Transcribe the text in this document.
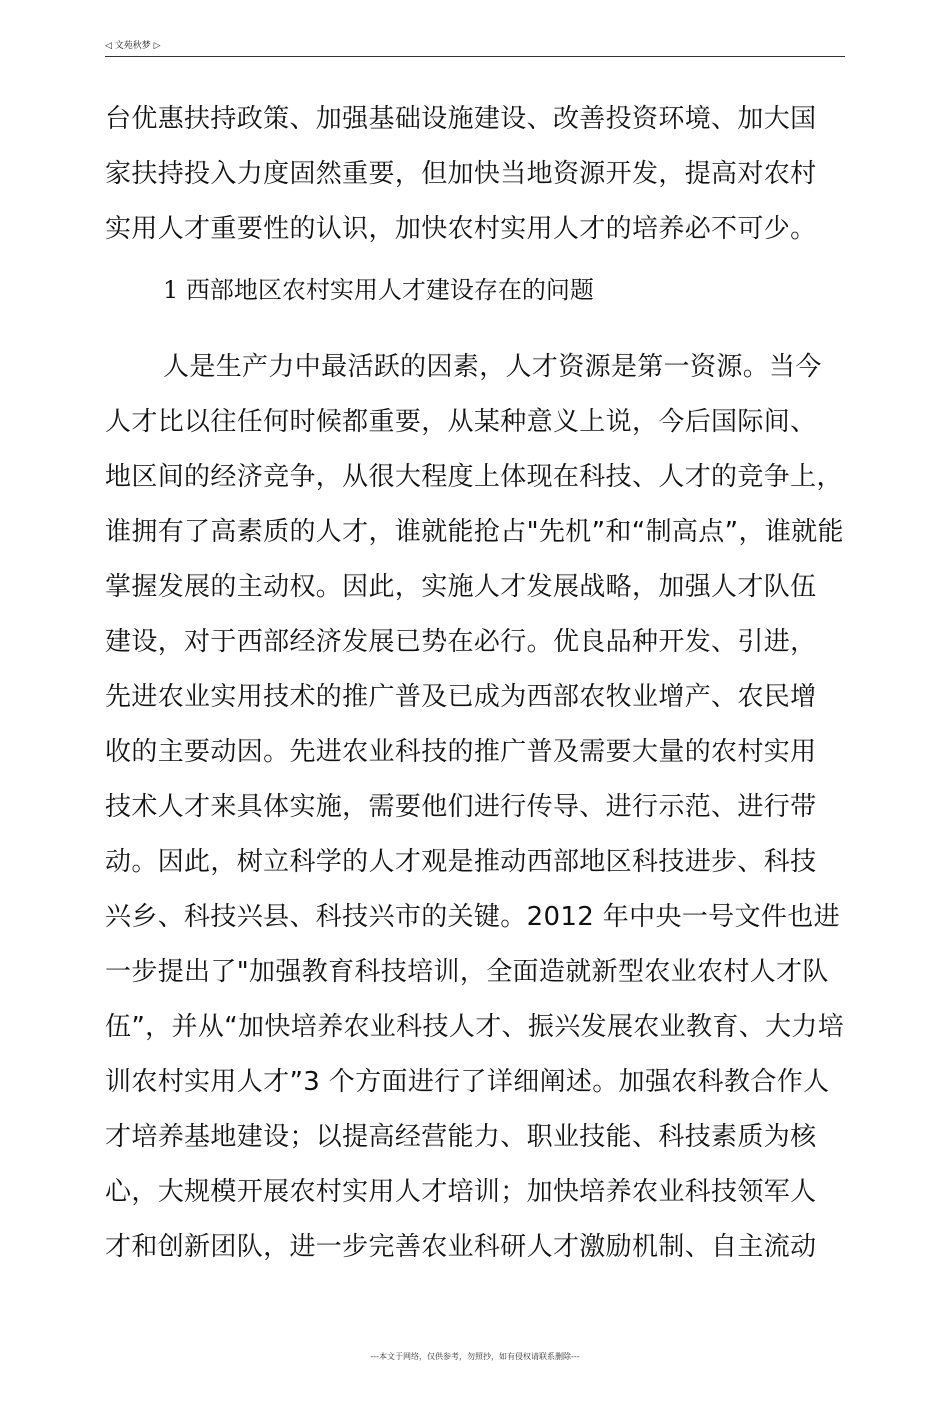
◁ 文苑秋梦 ▷
台优惠扶持政策、加强基础设施建设、改善投资环境、加大国
家扶持投入力度固然重要，但加快当地资源开发，提高对农村
实用人才重要性的认识，加快农村实用人才的培养必不可少。
1 西部地区农村实用人才建设存在的问题
人是生产力中最活跃的因素，人才资源是第一资源。当今
人才比以往任何时候都重要，从某种意义上说，今后国际间、
地区间的经济竞争，从很大程度上体现在科技、人才的竞争上，
谁拥有了高素质的人才，谁就能抢占"先机”和“制高点”，谁就能
掌握发展的主动权。因此，实施人才发展战略，加强人才队伍
建设，对于西部经济发展已势在必行。优良品种开发、引进，
先进农业实用技术的推广普及已成为西部农牧业增产、农民增
收的主要动因。先进农业科技的推广普及需要大量的农村实用
技术人才来具体实施，需要他们进行传导、进行示范、进行带
动。因此，树立科学的人才观是推动西部地区科技进步、科技
兴乡、科技兴县、科技兴市的关键。2012 年中央一号文件也进
一步提出了"加强教育科技培训，全面造就新型农业农村人才队
伍”，并从“加快培养农业科技人才、振兴发展农业教育、大力培
训农村实用人才”3 个方面进行了详细阐述。加强农科教合作人
才培养基地建设；以提高经营能力、职业技能、科技素质为核
心，大规模开展农村实用人才培训；加快培养农业科技领军人
才和创新团队，进一步完善农业科研人才激励机制、自主流动
---本文于网络，仅供参考，勿照抄，如有侵权请联系删除---
